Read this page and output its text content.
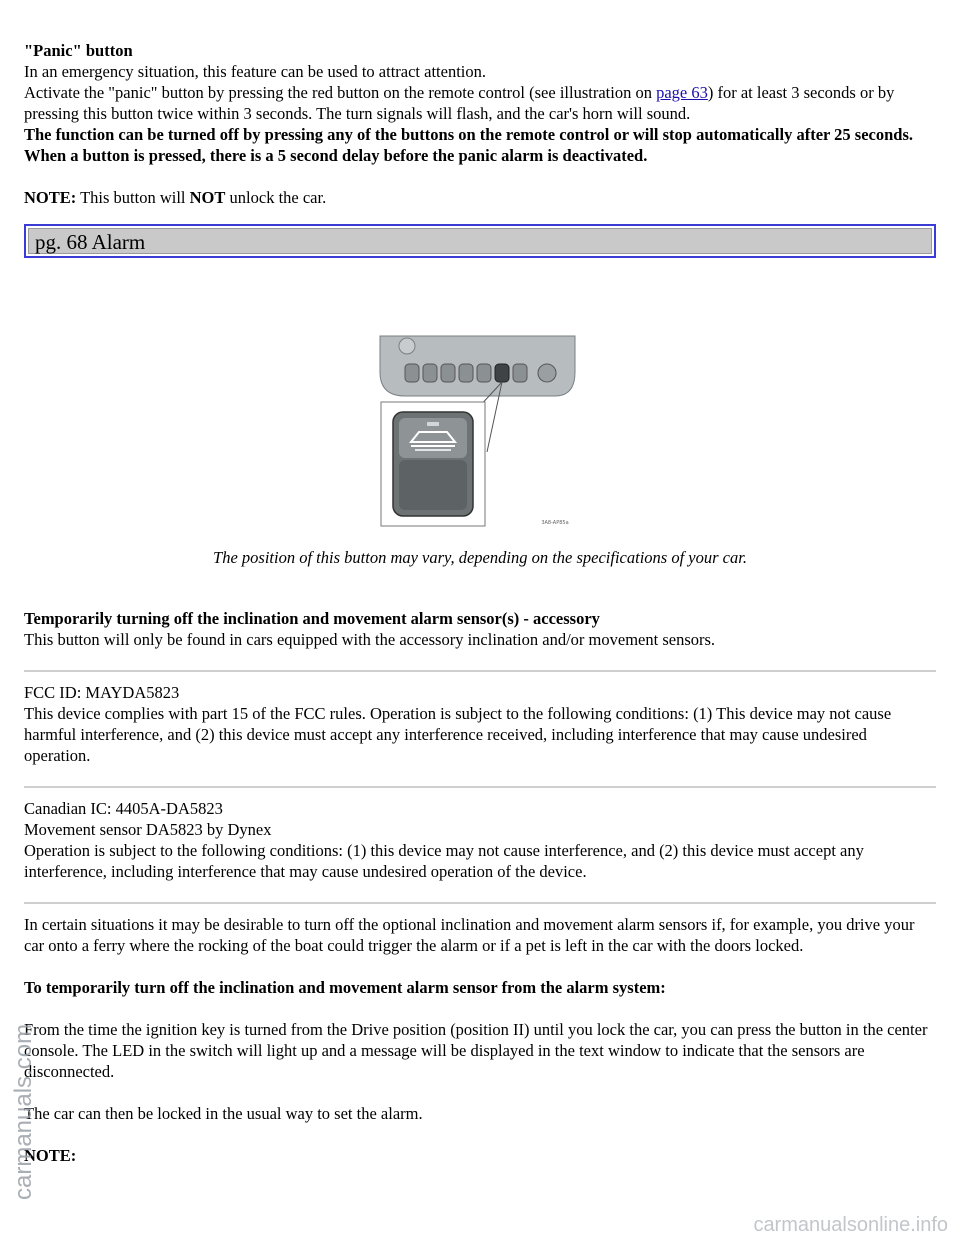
"Panic" button

In an emergency situation, this feature can be used to attract attention.

Activate the "panic" button by pressing the red button on the remote control (see illustration on page 63) for at least 3 seconds or by pressing this button twice within 3 seconds. The turn signals will flash, and the car's horn will sound.

The function can be turned off by pressing any of the buttons on the remote control or will stop automatically after 25 seconds. When a button is pressed, there is a 5 second delay before the panic alarm is deactivated.

NOTE: This button will NOT unlock the car.

pg. 68 Alarm
3A8-AP85a

The position of this button may vary, depending on the specifications of your car.

Temporarily turning off the inclination and movement alarm sensor(s) - accessory

This button will only be found in cars equipped with the accessory inclination and/or movement sensors.

FCC ID: MAYDA5823

This device complies with part 15 of the FCC rules. Operation is subject to the following conditions: (1) This device may not cause harmful interference, and (2) this device must accept any interference received, including interference that may cause undesired operation.

Canadian IC: 4405A-DA5823

Movement sensor DA5823 by Dynex

Operation is subject to the following conditions: (1) this device may not cause interference, and (2) this device must accept any interference, including interference that may cause undesired operation of the device.

In certain situations it may be desirable to turn off the optional inclination and movement alarm sensors if, for example, you drive your car onto a ferry where the rocking of the boat could trigger the alarm or if a pet is left in the car with the doors locked.

To temporarily turn off the inclination and movement alarm sensor from the alarm system:

From the time the ignition key is turned from the Drive position (position II) until you lock the car, you can press the button in the center console. The LED in the switch will light up and a message will be displayed in the text window to indicate that the sensors are disconnected.

The car can then be locked in the usual way to set the alarm.

NOTE:

carmanuals.com
carmanualsonline.info
